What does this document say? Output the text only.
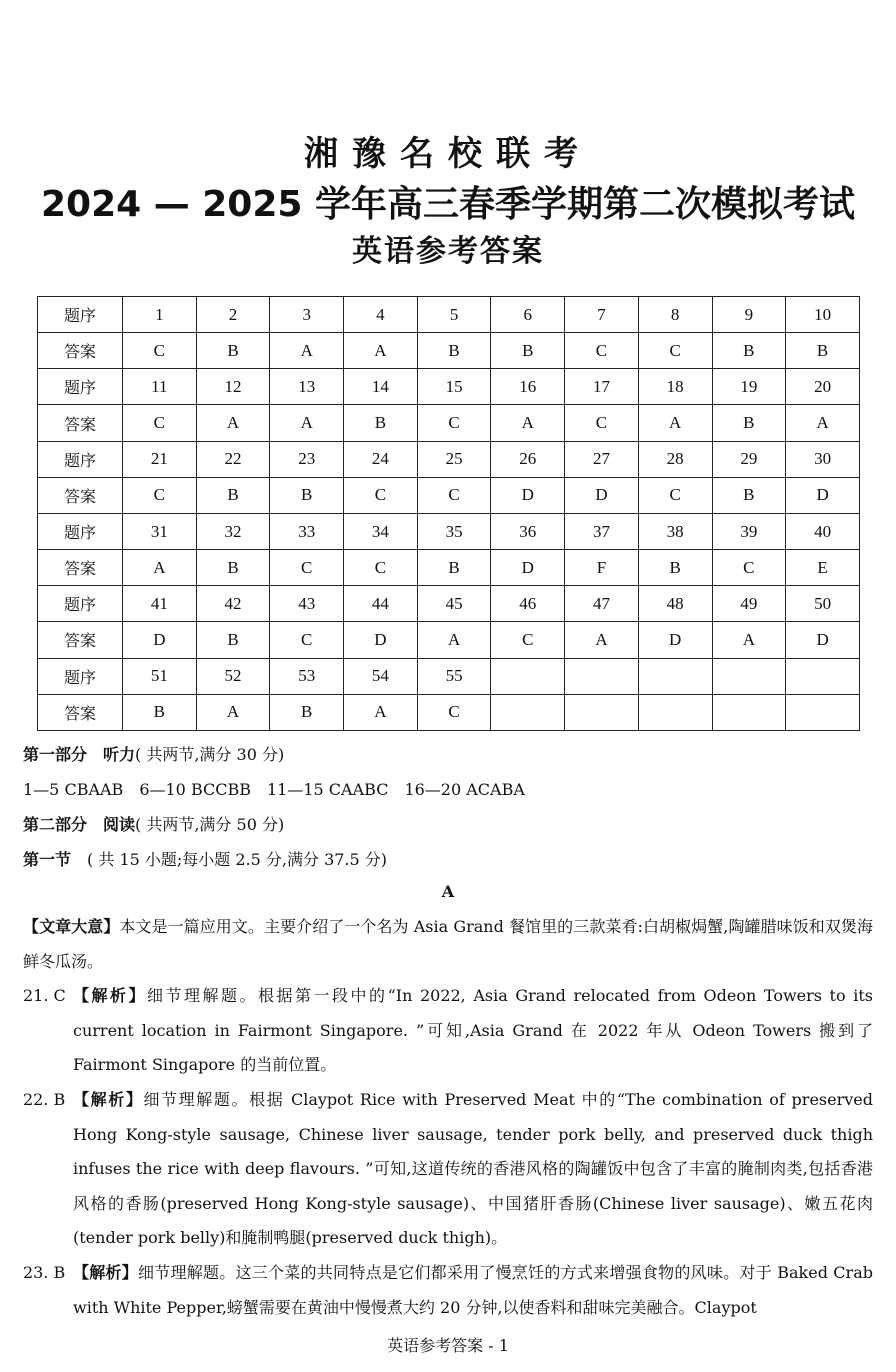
湘豫名校联考
2024 — 2025 学年高三春季学期第二次模拟考试
英语参考答案
题序	1	2	3	4	5	6	7	8	9	10
答案	C	B	A	A	B	B	C	C	B	B
题序	11	12	13	14	15	16	17	18	19	20
答案	C	A	A	B	C	A	C	A	B	A
题序	21	22	23	24	25	26	27	28	29	30
答案	C	B	B	C	C	D	D	C	B	D
题序	31	32	33	34	35	36	37	38	39	40
答案	A	B	C	C	B	D	F	B	C	E
题序	41	42	43	44	45	46	47	48	49	50
答案	D	B	C	D	A	C	A	D	A	D
题序	51	52	53	54	55					
答案	B	A	B	A	C					
第一部分　听力( 共两节,满分 30 分)
1—5 CBAAB　6—10 BCCBB　11—15 CAABC　16—20 ACABA
第二部分　阅读( 共两节,满分 50 分)
第一节　 ( 共 15 小题;每小题 2.5 分,满分 37.5 分)
A
【文章大意】本文是一篇应用文。主要介绍了一个名为 Asia Grand 餐馆里的三款菜肴:白胡椒焗蟹,陶罐腊味饭和双煲海鲜冬瓜汤。
21. C 【解析】细节理解题。根据第一段中的“In 2022, Asia Grand relocated from Odeon Towers to its current location in Fairmont Singapore. ”可知,Asia Grand 在 2022 年从 Odeon Towers 搬到了 Fairmont Singapore 的当前位置。
22. B 【解析】细节理解题。根据 Claypot Rice with Preserved Meat 中的“The combination of preserved Hong Kong-style sausage, Chinese liver sausage, tender pork belly, and preserved duck thigh infuses the rice with deep flavours. ”可知,这道传统的香港风格的陶罐饭中包含了丰富的腌制肉类,包括香港风格的香肠(preserved Hong Kong-style sausage)、中国猪肝香肠(Chinese liver sausage)、嫩五花肉(tender pork belly)和腌制鸭腿(preserved duck thigh)。
23. B 【解析】细节理解题。这三个菜的共同特点是它们都采用了慢烹饪的方式来增强食物的风味。对于 Baked Crab with White Pepper,螃蟹需要在黄油中慢慢煮大约 20 分钟,以使香料和甜味完美融合。Claypot
英语参考答案 - 1
